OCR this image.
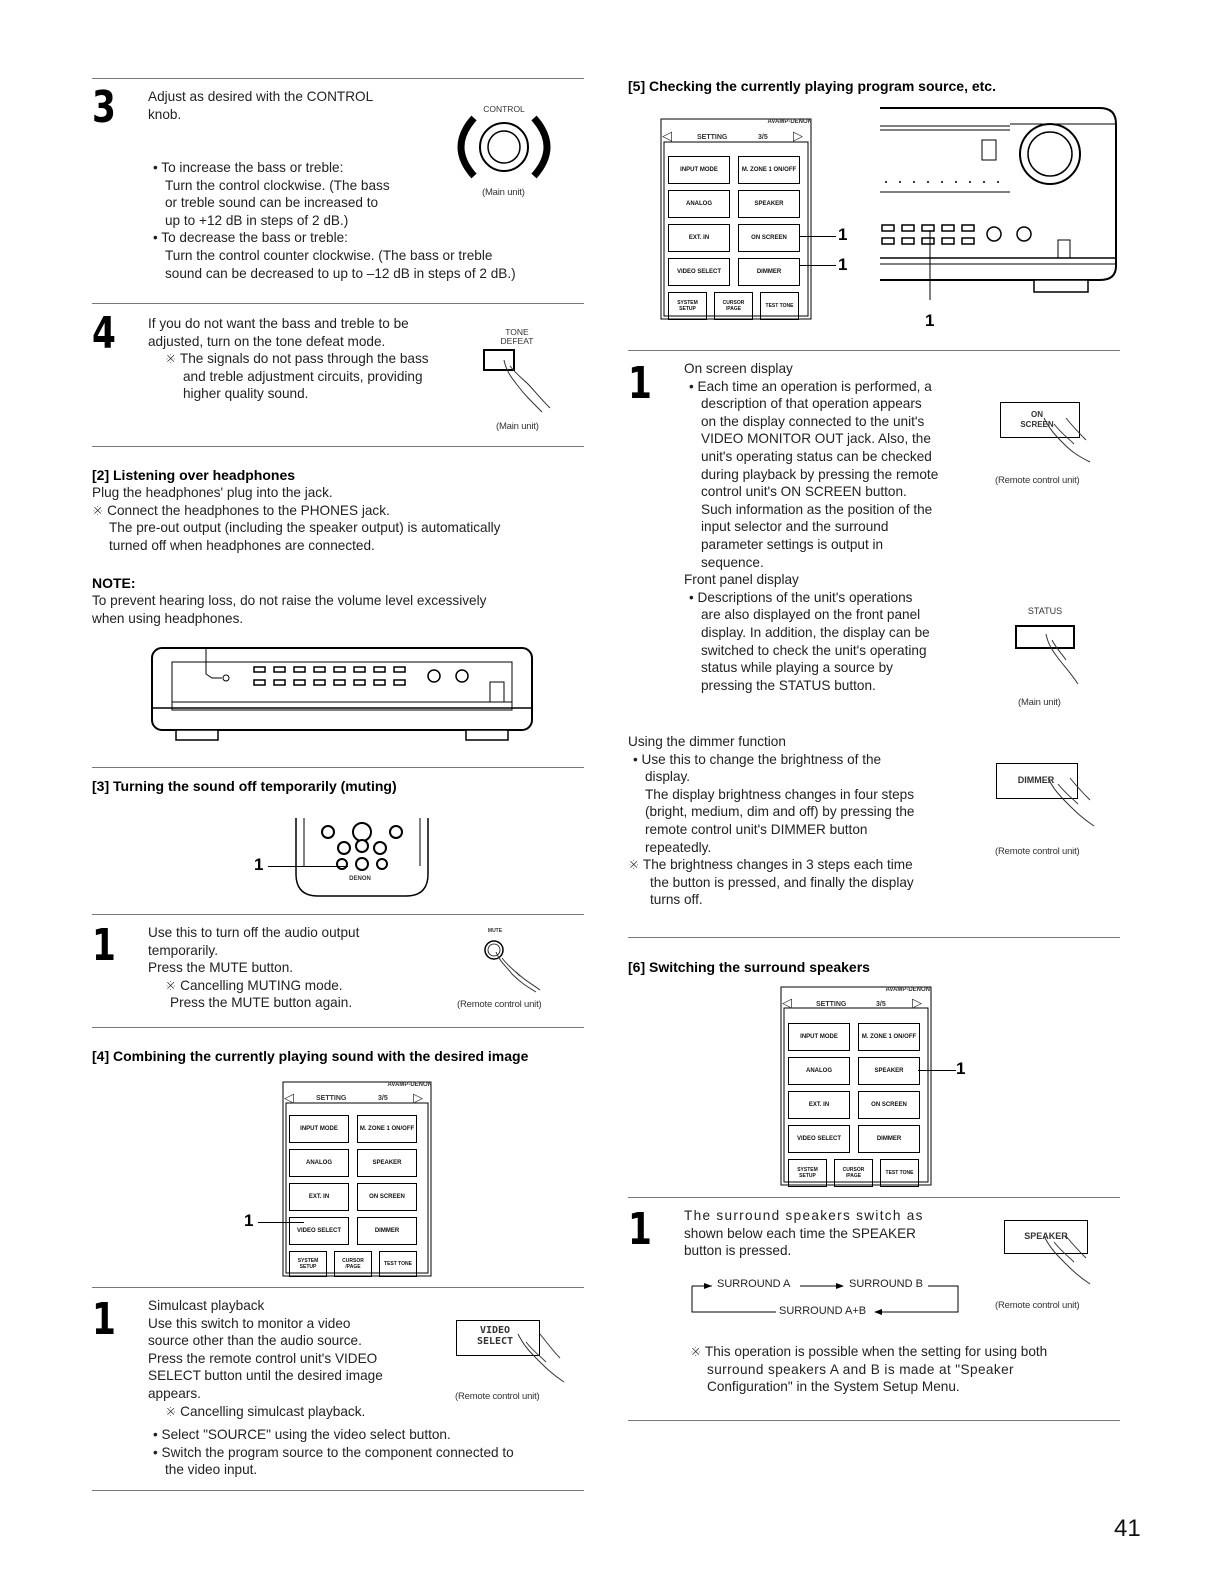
3 Adjust as desired with the CONTROL

knob.

• To increase the bass or treble:

Turn the control clockwise. (The bass

or treble sound can be increased to

up to +12 dB in steps of 2 dB.)

• To decrease the bass or treble:

Turn the control counter clockwise. (The bass or treble

sound can be decreased to up to –12 dB in steps of 2 dB.)

CONTROL
(Main unit)
4 If you do not want the bass and treble to be

adjusted, turn on the tone defeat mode.

※ The signals do not pass through the bass

and treble adjustment circuits, providing

higher quality sound.

TONE
DEFEAT
(Main unit)
[2] Listening over headphones

Plug the headphones' plug into the jack.

※ Connect the headphones to the PHONES jack.

The pre-out output (including the speaker output) is automatically

turned off when headphones are connected.

NOTE:

To prevent hearing loss, do not raise the volume level excessively

when using headphones.

[3] Turning the sound off temporarily (muting)
DENON
1
1 Use this to turn off the audio output

temporarily.

Press the MUTE button.

※ Cancelling MUTING mode.

Press the MUTE button again.

MUTE
(Remote control unit)
[4] Combining the currently playing sound with the desired image
AVAMP-DENON
◁	▷
SETTING	3/5
INPUT MODE	M. ZONE 1 ON/OFF
ANALOG	SPEAKER
EXT. IN	ON SCREEN
VIDEO SELECT	DIMMER
SYSTEM SETUP
CURSOR /PAGE	TEST TONE
1
1 Simulcast playback

Use this switch to monitor a video

source other than the audio source.

Press the remote control unit's VIDEO

SELECT button until the desired image

appears.

※ Cancelling simulcast playback.

• Select "SOURCE" using the video select button.

• Switch the program source to the component connected to

the video input.

VIDEO
SELECT
(Remote control unit)
[5] Checking the currently playing program source, etc.
AVAMP-DENON
◁	▷
SETTING	3/5
INPUT MODE	M. ZONE 1 ON/OFF
ANALOG	SPEAKER
EXT. IN	ON SCREEN
VIDEO SELECT	DIMMER
SYSTEM SETUP
CURSOR /PAGE	TEST TONE
1
1
1
1 On screen display

• Each time an operation is performed, a

description of that operation appears

on the display connected to the unit's

VIDEO MONITOR OUT jack. Also, the

unit's operating status can be checked

during playback by pressing the remote

control unit's ON SCREEN button.

Such information as the position of the

input selector and the surround

parameter settings is output in

sequence.

Front panel display

• Descriptions of the unit's operations

are also displayed on the front panel

display. In addition, the display can be

switched to check the unit's operating

status while playing a source by

pressing the STATUS button.

ON
SCREEN
(Remote control unit)
STATUS
(Main unit)

Using the dimmer function

• Use this to change the brightness of the

display.

The display brightness changes in four steps

(bright, medium, dim and off) by pressing the

remote control unit's DIMMER button

repeatedly.

※ The brightness changes in 3 steps each time

the button is pressed, and finally the display

turns off.

DIMMER
(Remote control unit)
[6] Switching the surround speakers
AVAMP-DENON
◁	▷
SETTING	3/5
INPUT MODE	M. ZONE 1 ON/OFF
ANALOG	SPEAKER
EXT. IN	ON SCREEN
VIDEO SELECT	DIMMER
SYSTEM SETUP
CURSOR /PAGE	TEST TONE
1
1 The surround speakers switch as

shown below each time the SPEAKER

button is pressed.

SURROUND A	SURROUND B
SURROUND A+B
SPEAKER
(Remote control unit)

※ This operation is possible when the setting for using both

surround speakers A and B is made at "Speaker

Configuration" in the System Setup Menu.

41
